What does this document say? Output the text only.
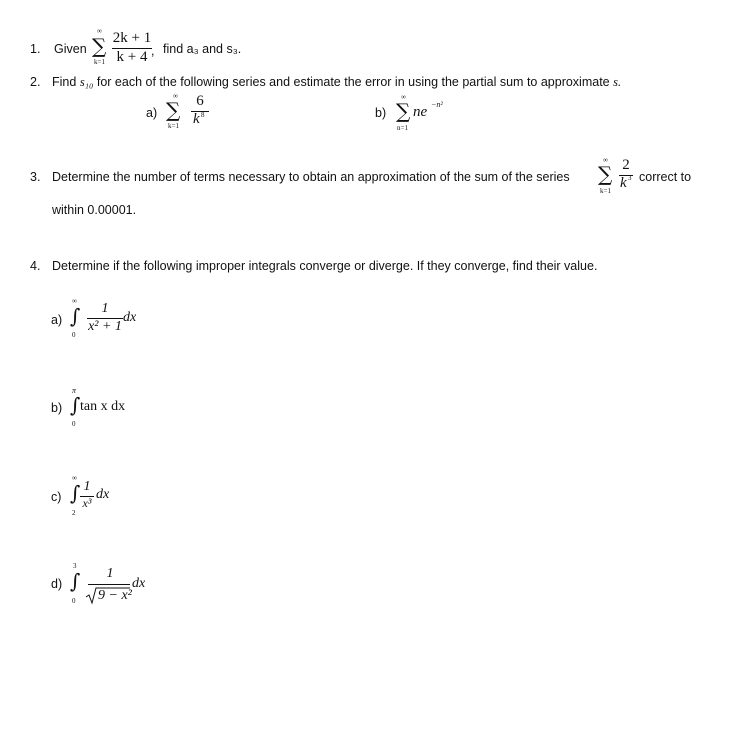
1. Given
∞
∑
k=1
2k + 1
k + 4 , find a₃ and s₃.
2. Find s₁₀ for each of the following series and estimate the error in using the partial sum to approximate s.
a)
∞
∑
k=1
6
k 8	b)
∞
∑
n=1
ne −n²
3. Determine the number of terms necessary to obtain an approximation of the sum of the series
∞
∑
k=1
2
k 3 correct to
within 0.00001.
4. Determine if the following improper integrals converge or diverge. If they converge, find their value.
a)
∞
∫
0
1
x² + 1
dx
b)
π
∫
0
tan x dx
c)
∞
∫
2
1
x³
dx
d)
3
∫
0
1
9 − x²
dx
